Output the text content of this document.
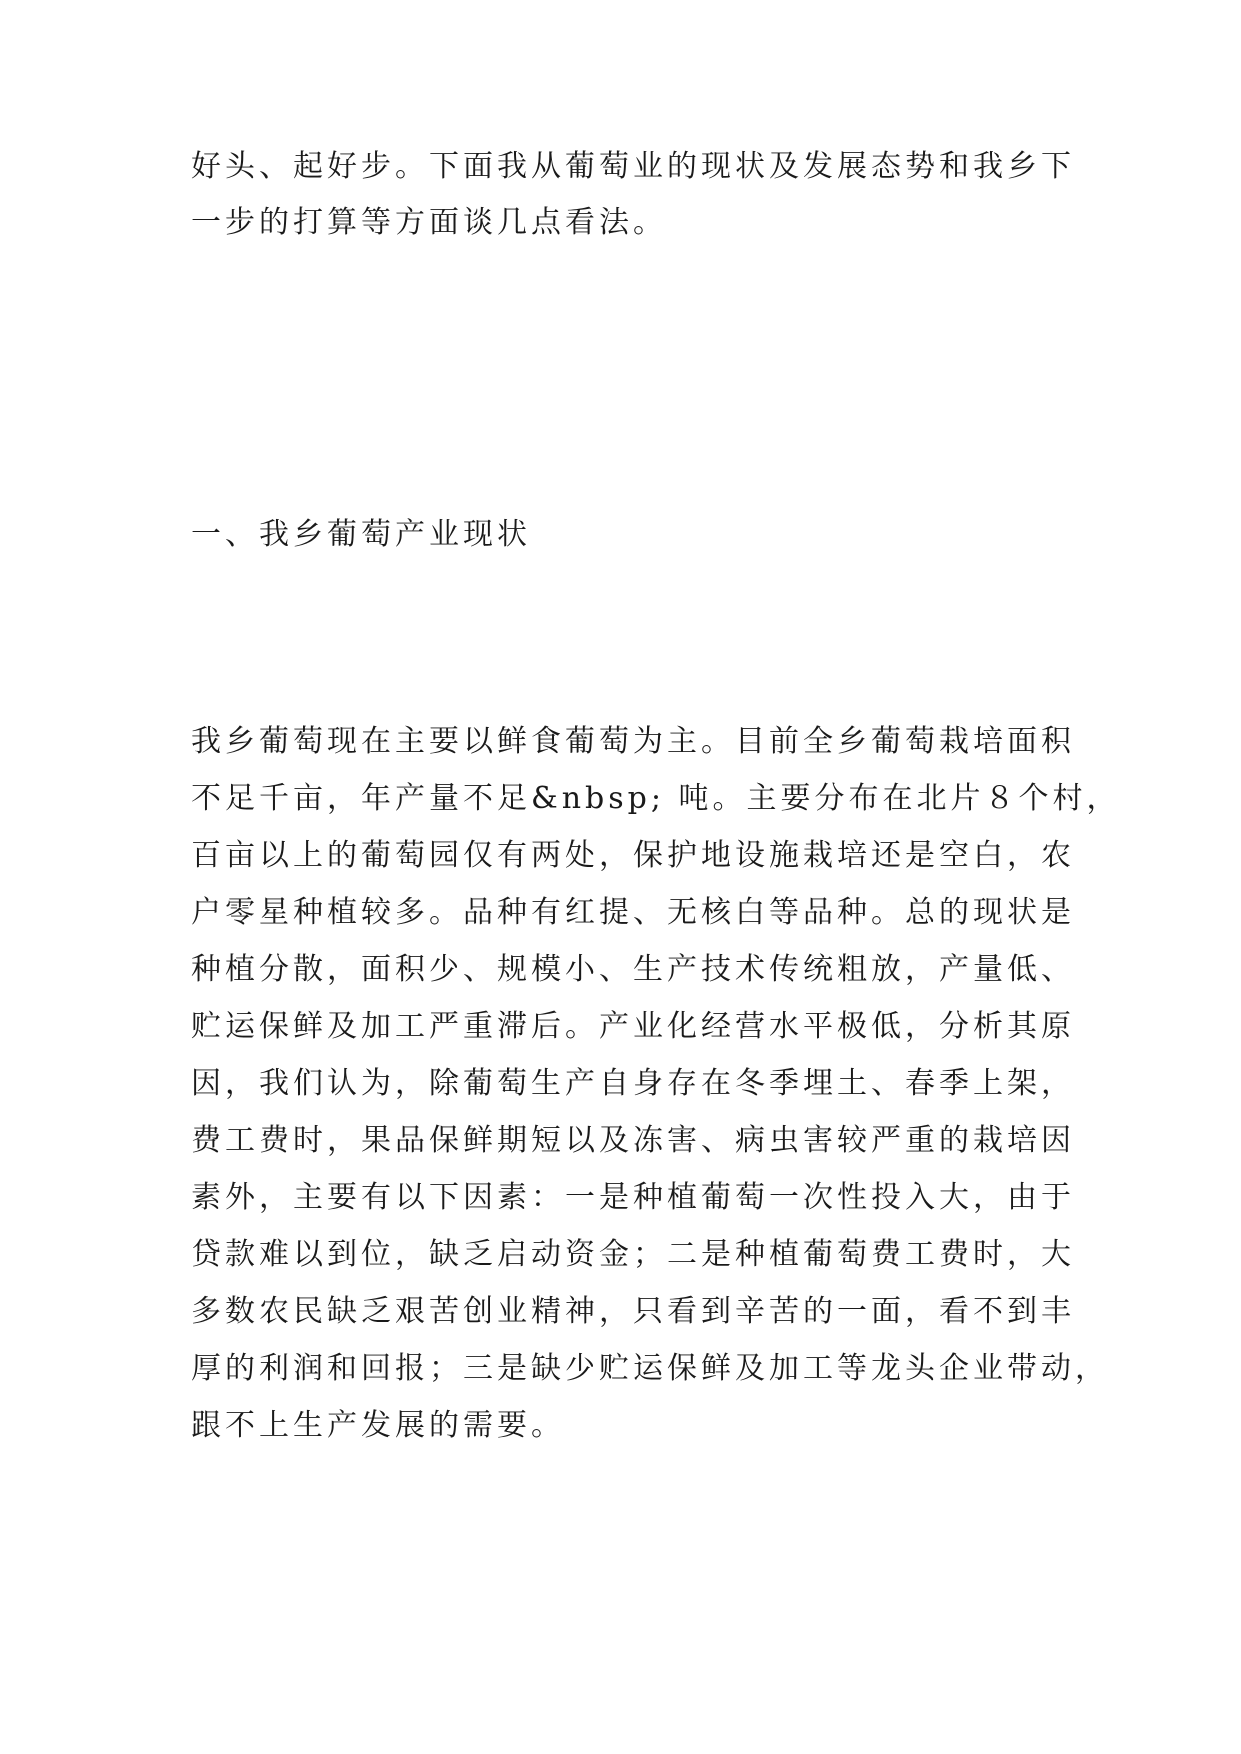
好头、起好步。下面我从葡萄业的现状及发展态势和我乡下

一步的打算等方面谈几点看法。

一、我乡葡萄产业现状

我乡葡萄现在主要以鲜食葡萄为主。目前全乡葡萄栽培面积

不足千亩，年产量不足&nbsp; 吨。主要分布在北片８个村，

百亩以上的葡萄园仅有两处，保护地设施栽培还是空白，农

户零星种植较多。品种有红提、无核白等品种。总的现状是

种植分散，面积少、规模小、生产技术传统粗放，产量低、

贮运保鲜及加工严重滞后。产业化经营水平极低，分析其原

因，我们认为，除葡萄生产自身存在冬季埋土、春季上架，

费工费时，果品保鲜期短以及冻害、病虫害较严重的栽培因

素外，主要有以下因素：一是种植葡萄一次性投入大，由于

贷款难以到位，缺乏启动资金；二是种植葡萄费工费时，大

多数农民缺乏艰苦创业精神，只看到辛苦的一面，看不到丰

厚的利润和回报；三是缺少贮运保鲜及加工等龙头企业带动，

跟不上生产发展的需要。
